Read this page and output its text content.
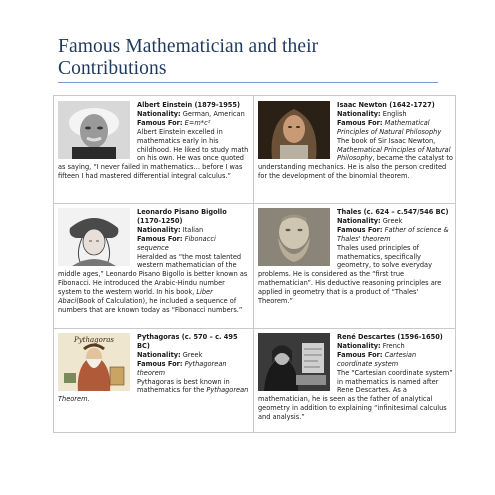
Famous Mathematician and their
Contributions

Albert Einstein (1879-1955)

Nationality: German, American

Famous For: E=m*c²

Albert Einstein excelled in mathematics early in his childhood. He liked to study math on his own. He was once quoted as saying, “I never failed in mathematics… before I was fifteen I had mastered differential integral calculus.”

Isaac Newton (1642-1727)

Nationality: English

Famous For: Mathematical Principles of Natural Philosophy

The book of Sir Isaac Newton, Mathematical Principles of Natural Philosophy, became the catalyst to understanding mechanics. He is also the person credited for the development of the binomial theorem.

Leonardo Pisano Bigollo (1170-1250)

Nationality: Italian

Famous For: Fibonacci sequence

Heralded as “the most talented western mathematician of the middle ages,” Leonardo Pisano Bigollo is better known as Fibonacci. He introduced the Arabic-Hindu number system to the western world. In his book, Liber Abaci(Book of Calculation), he included a sequence of numbers that are known today as “Fibonacci numbers.”

Thales (c. 624 – c.547/546 BC)

Nationality: Greek

Famous For: Father of science & Thales' theorem

Thales used principles of mathematics, specifically geometry, to solve everyday problems. He is considered as the “first true mathematician”. His deductive reasoning principles are applied in geometry that is a product of “Thales' Theorem.”

Pythagoras	Pythagoras (c. 570 – c. 495 BC)

Nationality: Greek

Famous For: Pythagorean theorem

Pythagoras is best known in mathematics for the Pythagorean Theorem.

René Descartes (1596-1650)

Nationality: French

Famous For: Cartesian coordinate system

The “Cartesian coordinate system” in mathematics is named after Rene Descartes. As a mathematician, he is seen as the father of analytical geometry in addition to explaining “infinitesimal calculus and analysis.”
